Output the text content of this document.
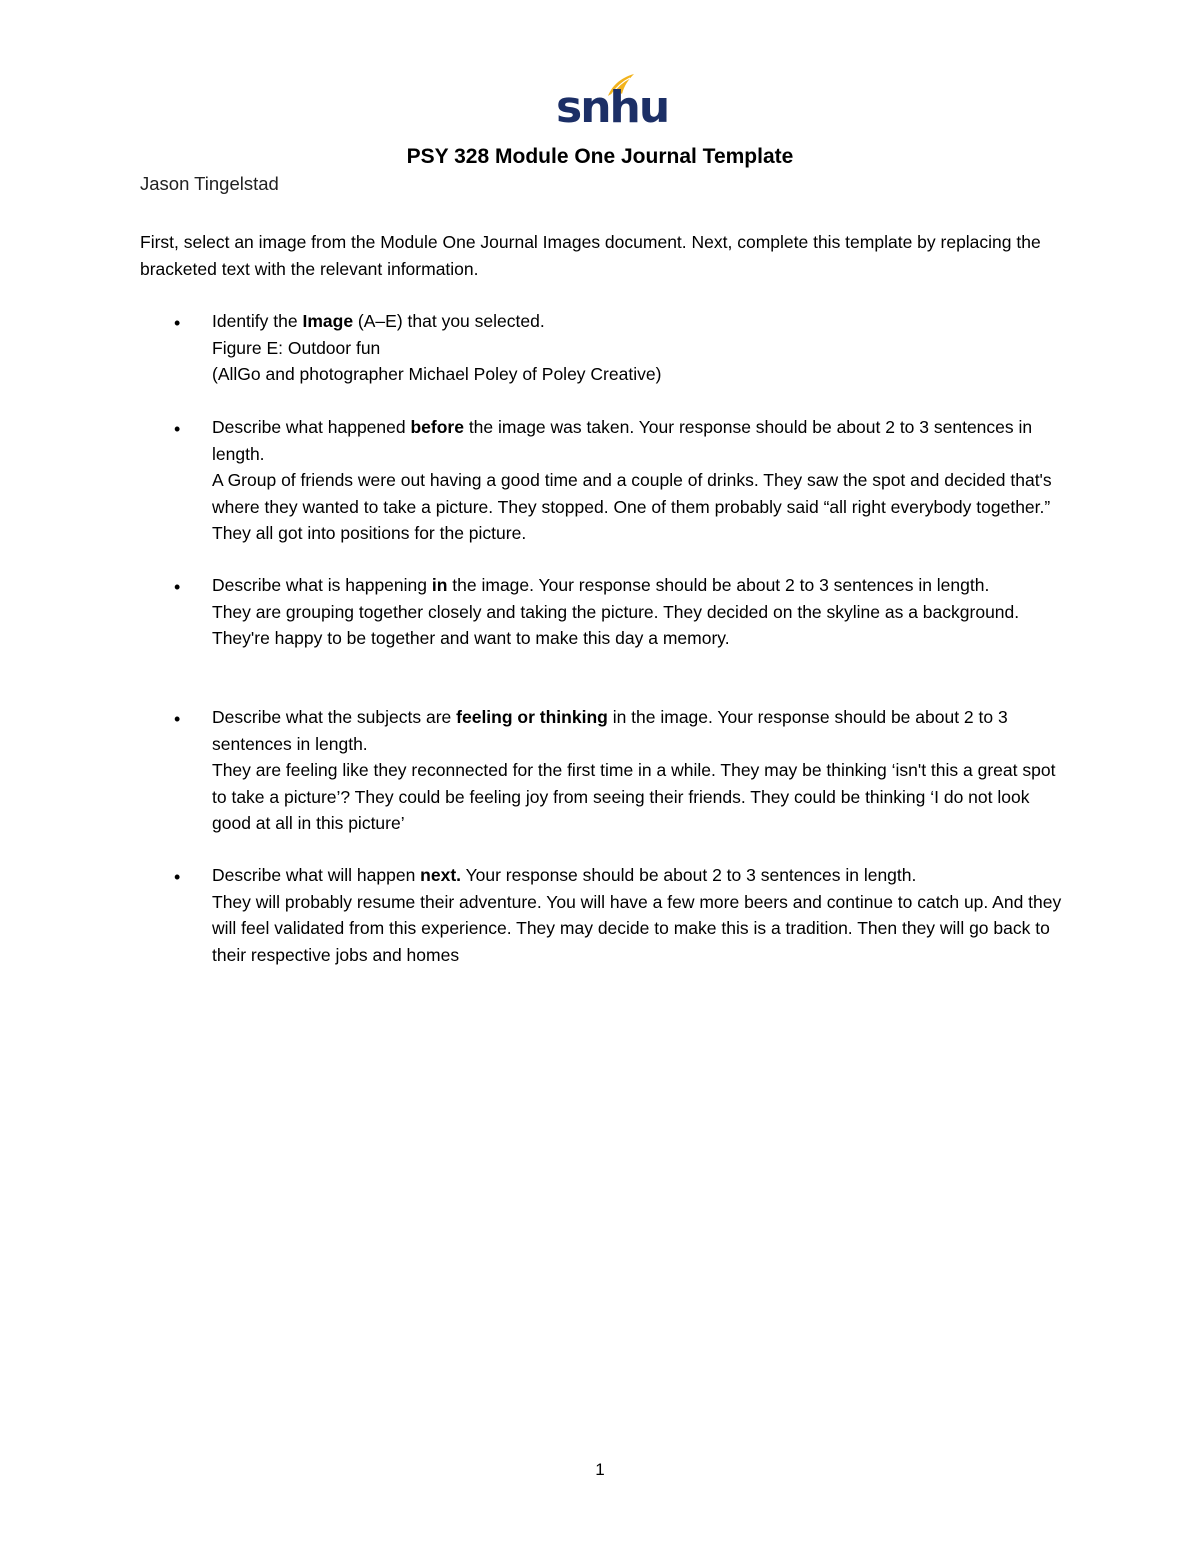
snhu
PSY 328 Module One Journal Template
Jason Tingelstad
First, select an image from the Module One Journal Images document. Next, complete this template by replacing the bracketed text with the relevant information.
• Identify the Image (A–E) that you selected.

Figure E: Outdoor fun

(AllGo and photographer Michael Poley of Poley Creative)

• Describe what happened before the image was taken. Your response should be about 2 to 3 sentences in length.

A Group of friends were out having a good time and a couple of drinks. They saw the spot and decided that's where they wanted to take a picture. They stopped. One of them probably said “all right everybody together.” They all got into positions for the picture.

• Describe what is happening in the image. Your response should be about 2 to 3 sentences in length.

They are grouping together closely and taking the picture. They decided on the skyline as a background. They're happy to be together and want to make this day a memory.

• Describe what the subjects are feeling or thinking in the image. Your response should be about 2 to 3 sentences in length.

They are feeling like they reconnected for the first time in a while. They may be thinking ‘isn't this a great spot to take a picture’? They could be feeling joy from seeing their friends. They could be thinking ‘I do not look good at all in this picture’

• Describe what will happen next. Your response should be about 2 to 3 sentences in length.

They will probably resume their adventure. You will have a few more beers and continue to catch up. And they will feel validated from this experience. They may decide to make this is a tradition. Then they will go back to their respective jobs and homes

1
